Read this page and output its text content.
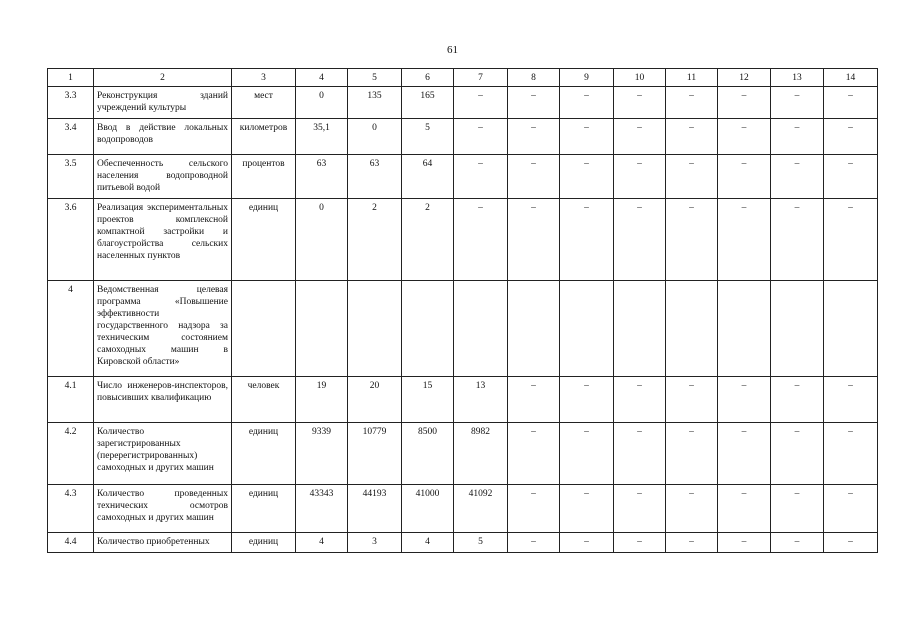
61
1	2	3	4	5	6	7	8	9	10	11	12	13	14
3.3	Реконструкция зданий учреждений культуры	мест	0	135	165	–	–	–	–	–	–	–	–
3.4	Ввод в действие локальных водопроводов	километров	35,1	0	5	–	–	–	–	–	–	–	–
3.5	Обеспеченность сельского населения водопроводной питьевой водой	процентов	63	63	64	–	–	–	–	–	–	–	–
3.6	Реализация экспериментальных проектов комплексной компактной застройки и благоустройства сельских населенных пунктов	единиц	0	2	2	–	–	–	–	–	–	–	–
4	Ведомственная целевая программа «Повышение эффективности государственного надзора за техническим состоянием самоходных машин в Кировской области»												
4.1	Число инженеров-инспекторов, повысивших квалификацию	человек	19	20	15	13	–	–	–	–	–	–	–
4.2	Количество зарегистрированных (перерегистрированных) самоходных и других машин	единиц	9339	10779	8500	8982	–	–	–	–	–	–	–
4.3	Количество проведенных технических осмотров самоходных и других машин	единиц	43343	44193	41000	41092	–	–	–	–	–	–	–
4.4	Количество приобретенных	единиц	4	3	4	5	–	–	–	–	–	–	–
